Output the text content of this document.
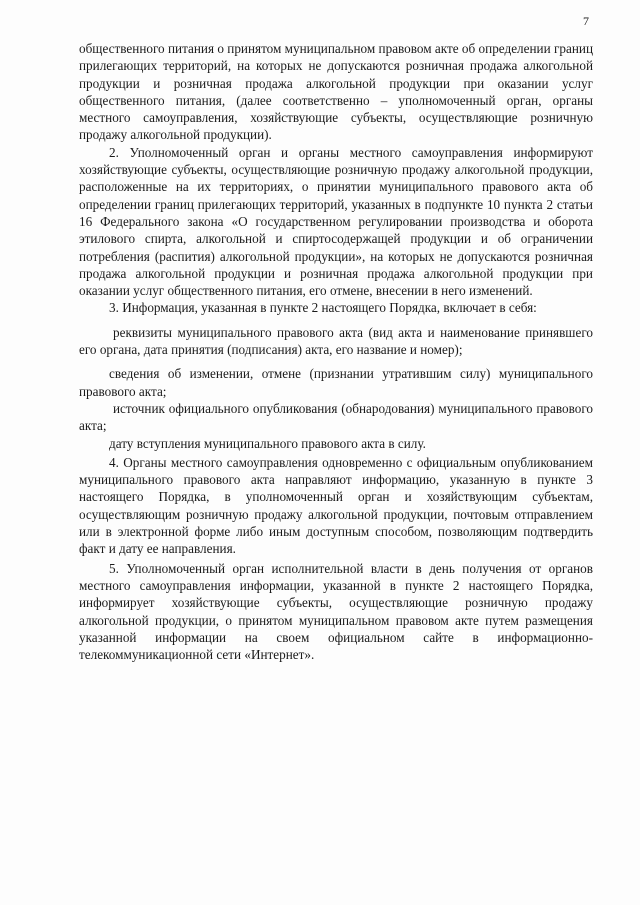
7

общественного питания о принятом муниципальном правовом акте об определении границ прилегающих территорий, на которых не допускаются розничная продажа алкогольной продукции и розничная продажа алкогольной продукции при оказании услуг общественного питания, (далее соответственно – уполномоченный орган, органы местного самоуправления, хозяйствующие субъекты, осуществляющие розничную продажу алкогольной продукции).

2. Уполномоченный орган и органы местного самоуправления информируют хозяйствующие субъекты, осуществляющие розничную продажу алкогольной продукции, расположенные на их территориях, о принятии муниципального правового акта об определении границ прилегающих территорий, указанных в подпункте 10 пункта 2 статьи 16 Федерального закона «О государственном регулировании производства и оборота этилового спирта, алкогольной и спиртосодержащей продукции и об ограничении потребления (распития) алкогольной продукции», на которых не допускаются розничная продажа алкогольной продукции и розничная продажа алкогольной продукции при оказании услуг общественного питания, его отмене, внесении в него изменений.

3. Информация, указанная в пункте 2 настоящего Порядка, включает в себя:

реквизиты муниципального правового акта (вид акта и наименование принявшего его органа, дата принятия (подписания) акта, его название и номер);

сведения об изменении, отмене (признании утратившим силу) муниципального правового акта;

источник официального опубликования (обнародования) муниципального правового акта;

дату вступления муниципального правового акта в силу.

4. Органы местного самоуправления одновременно с официальным опубликованием муниципального правового акта направляют информацию, указанную в пункте 3 настоящего Порядка, в уполномоченный орган и хозяйствующим субъектам, осуществляющим розничную продажу алкогольной продукции, почтовым отправлением или в электронной форме либо иным доступным способом, позволяющим подтвердить факт и дату ее направления.

5. Уполномоченный орган исполнительной власти в день получения от органов местного самоуправления информации, указанной в пункте 2 настоящего Порядка, информирует хозяйствующие субъекты, осуществляющие розничную продажу алкогольной продукции, о принятом муниципальном правовом акте путем размещения указанной информации на своем официальном сайте в информационно-телекоммуникационной сети «Интернет».
